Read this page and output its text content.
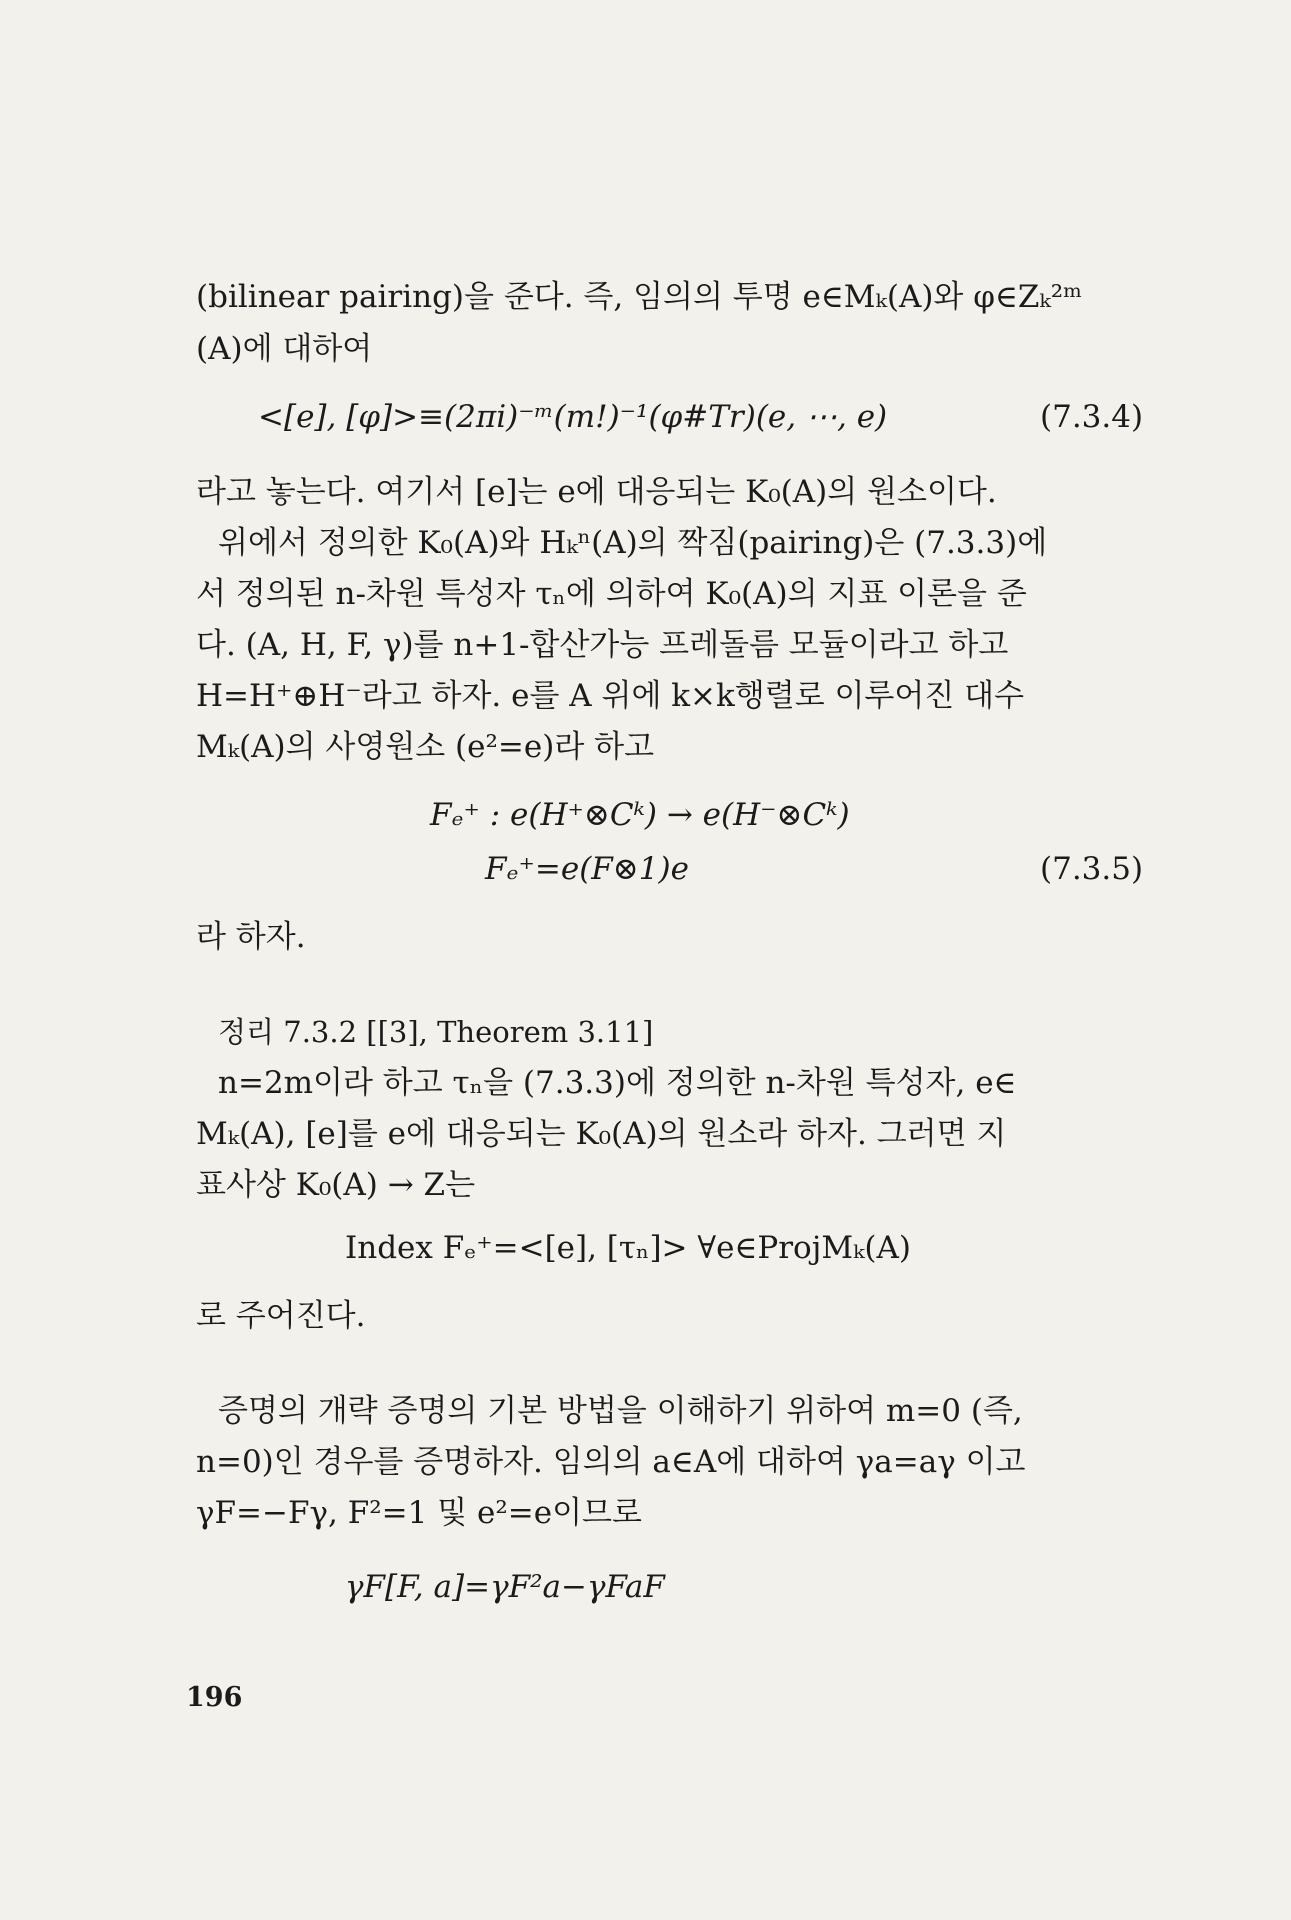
(bilinear pairing)을 준다. 즉, 임의의 투명 e∈Mₖ(A)와 φ∈Zₖ²ᵐ
(A)에 대하여
<[e], [φ]>≡(2πi)⁻ᵐ(m!)⁻¹(φ#Tr)(e, ⋯, e)	(7.3.4)
라고 놓는다. 여기서 [e]는 e에 대응되는 K₀(A)의 원소이다.
위에서 정의한 K₀(A)와 Hₖⁿ(A)의 짝짐(pairing)은 (7.3.3)에
서 정의된 n-차원 특성자 τₙ에 의하여 K₀(A)의 지표 이론을 준
다. (A, H, F, γ)를 n+1-합산가능 프레돌름 모듈이라고 하고
H=H⁺⊕H⁻라고 하자. e를 A 위에 k×k행렬로 이루어진 대수
Mₖ(A)의 사영원소 (e²=e)라 하고
Fₑ⁺ : e(H⁺⊗Cᵏ) → e(H⁻⊗Cᵏ)
Fₑ⁺=e(F⊗1)e	(7.3.5)
라 하자.
정리 7.3.2 [[3], Theorem 3.11]
n=2m이라 하고 τₙ을 (7.3.3)에 정의한 n-차원 특성자, e∈
Mₖ(A), [e]를 e에 대응되는 K₀(A)의 원소라 하자. 그러면 지
표사상 K₀(A) → Z는
Index Fₑ⁺=<[e], [τₙ]> ∀e∈ProjMₖ(A)
로 주어진다.
증명의 개략 증명의 기본 방법을 이해하기 위하여 m=0 (즉,
n=0)인 경우를 증명하자. 임의의 a∈A에 대하여 γa=aγ 이고
γF=−Fγ, F²=1 및 e²=e이므로
γF[F, a]=γF²a−γFaF
196
